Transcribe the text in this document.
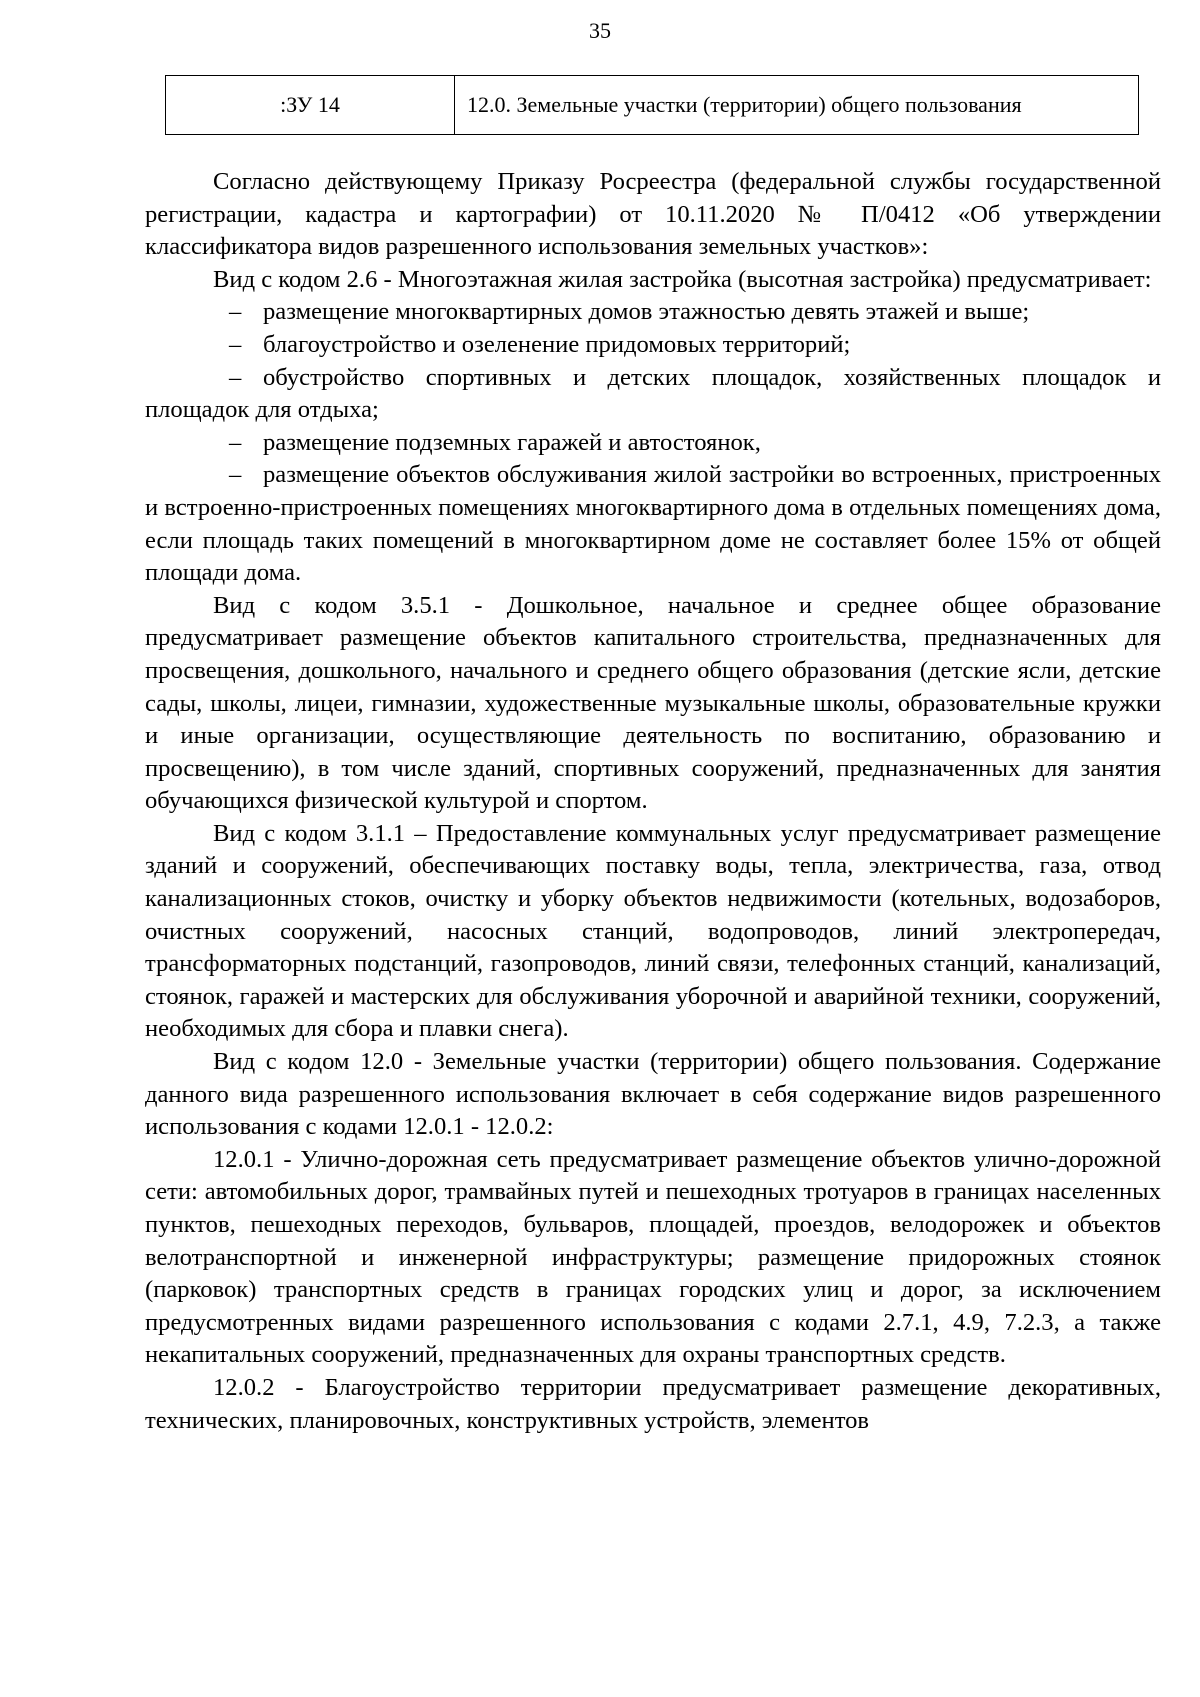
35
:ЗУ 14	12.0. Земельные участки (территории) общего пользования

Согласно действующему Приказу Росреестра (федеральной службы государственной регистрации, кадастра и картографии) от 10.11.2020 № П/0412 «Об утверждении классификатора видов разрешенного использования земельных участков»:

Вид с кодом 2.6 - Многоэтажная жилая застройка (высотная застройка) предусматривает:

– размещение многоквартирных домов этажностью девять этажей и выше;

– благоустройство и озеленение придомовых территорий;

– обустройство спортивных и детских площадок, хозяйственных площадок и площадок для отдыха;

– размещение подземных гаражей и автостоянок,

– размещение объектов обслуживания жилой застройки во встроенных, пристроенных и встроенно-пристроенных помещениях многоквартирного дома в отдельных помещениях дома, если площадь таких помещений в многоквартирном доме не составляет более 15% от общей площади дома.

Вид с кодом 3.5.1 - Дошкольное, начальное и среднее общее образование предусматривает размещение объектов капитального строительства, предназначенных для просвещения, дошкольного, начального и среднего общего образования (детские ясли, детские сады, школы, лицеи, гимназии, художественные музыкальные школы, образовательные кружки и иные организации, осуществляющие деятельность по воспитанию, образованию и просвещению), в том числе зданий, спортивных сооружений, предназначенных для занятия обучающихся физической культурой и спортом.

Вид с кодом 3.1.1 – Предоставление коммунальных услуг предусматривает размещение зданий и сооружений, обеспечивающих поставку воды, тепла, электричества, газа, отвод канализационных стоков, очистку и уборку объектов недвижимости (котельных, водозаборов, очистных сооружений, насосных станций, водопроводов, линий электропередач, трансформаторных подстанций, газопроводов, линий связи, телефонных станций, канализаций, стоянок, гаражей и мастерских для обслуживания уборочной и аварийной техники, сооружений, необходимых для сбора и плавки снега).

Вид с кодом 12.0 - Земельные участки (территории) общего пользования. Содержание данного вида разрешенного использования включает в себя содержание видов разрешенного использования с кодами 12.0.1 - 12.0.2:

12.0.1 - Улично-дорожная сеть предусматривает размещение объектов улично-дорожной сети: автомобильных дорог, трамвайных путей и пешеходных тротуаров в границах населенных пунктов, пешеходных переходов, бульваров, площадей, проездов, велодорожек и объектов велотранспортной и инженерной инфраструктуры; размещение придорожных стоянок (парковок) транспортных средств в границах городских улиц и дорог, за исключением предусмотренных видами разрешенного использования с кодами 2.7.1, 4.9, 7.2.3, а также некапитальных сооружений, предназначенных для охраны транспортных средств.

12.0.2 - Благоустройство территории предусматривает размещение декоративных, технических, планировочных, конструктивных устройств, элементов
